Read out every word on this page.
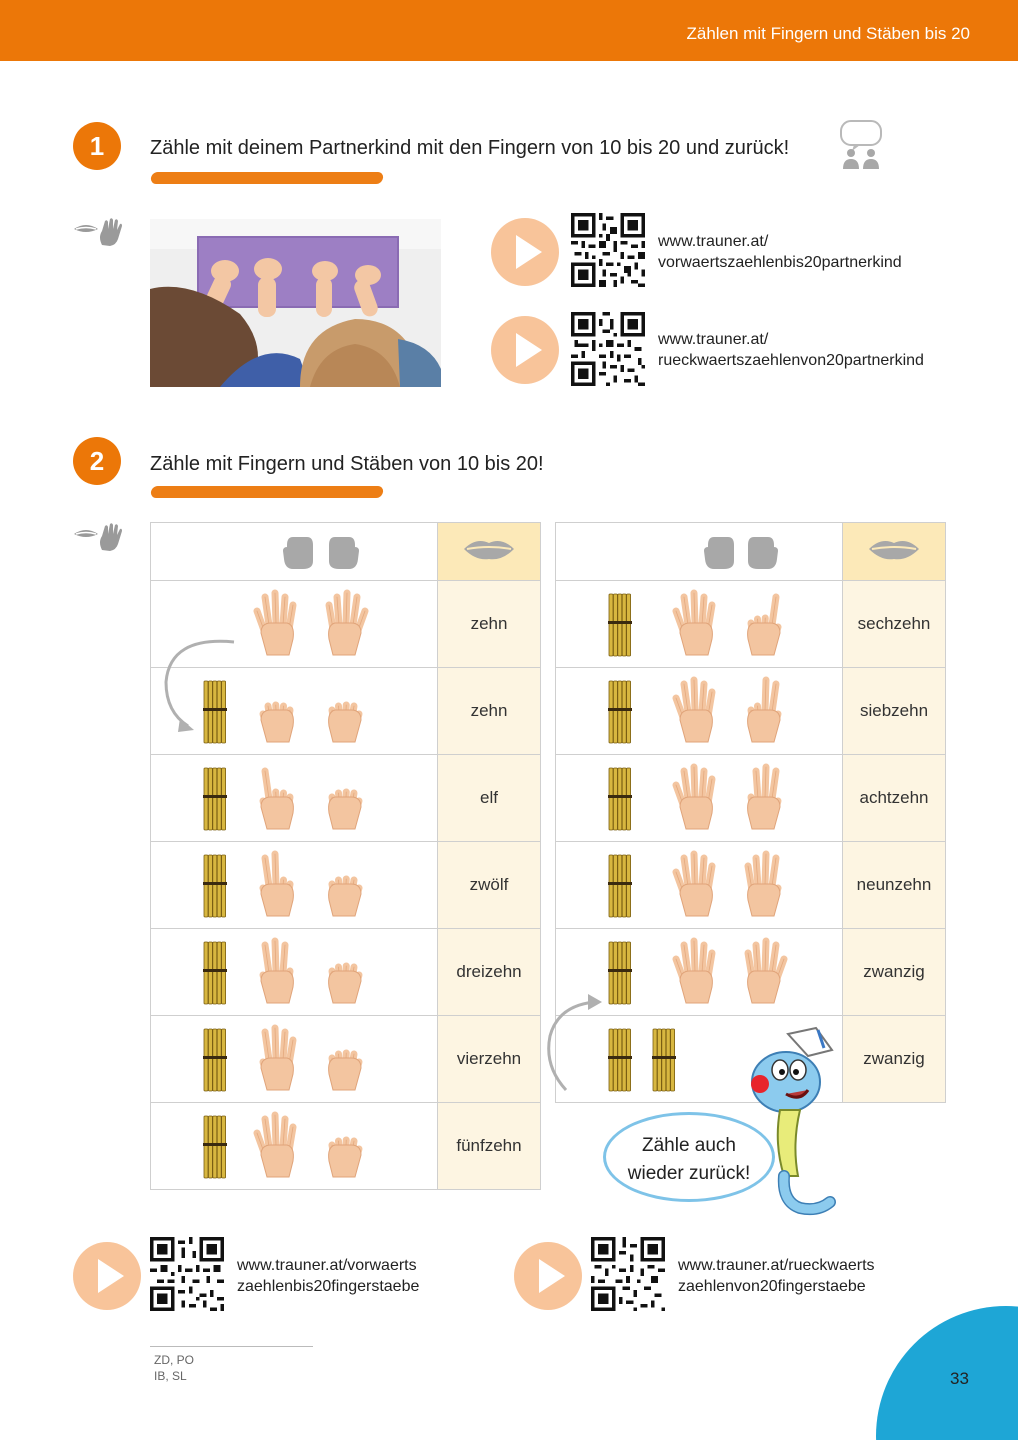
Zählen mit Fingern und Stäben bis 20
1	Zähle mit deinem Partnerkind mit den Fingern von 10 bis 20 und zurück!
www.trauner.at/
vorwaertszaehlenbis20partnerkind
www.trauner.at/
rueckwaertszaehlenvon20partnerkind
2	Zähle mit Fingern und Stäben von 10 bis 20!

	zehn

	zehn

	elf

	zwölf

	dreizehn

	vierzehn

	fünfzehn

	sechzehn

	siebzehn

	achtzehn

	neunzehn

	zwanzig

	zwanzig
Zähle auch
wieder zurück!
www.trauner.at/vorwaerts
zaehlenbis20fingerstaebe
www.trauner.at/rueckwaerts
zaehlenvon20fingerstaebe
ZD, PO
IB, SL	33
